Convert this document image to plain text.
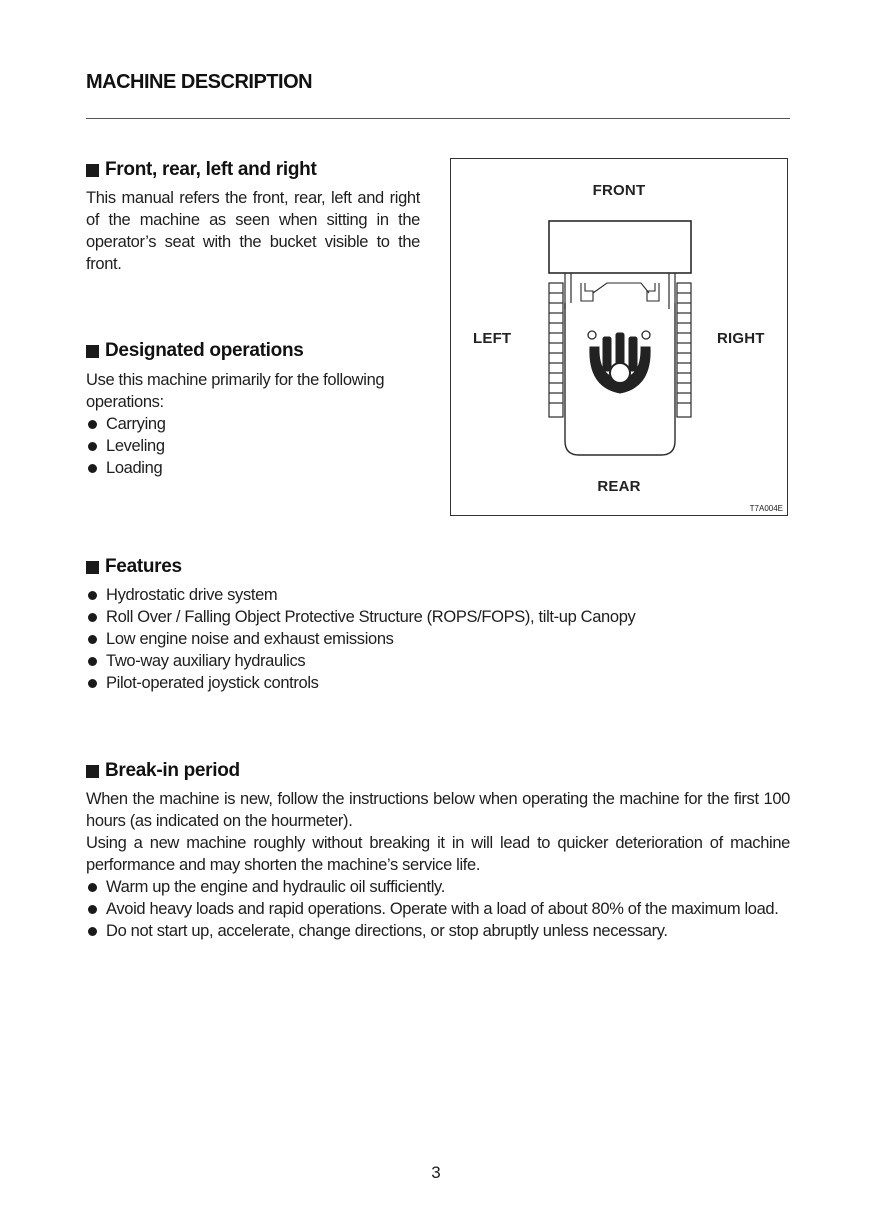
MACHINE DESCRIPTION
Front, rear, left and right

This manual refers the front, rear, left and right of the machine as seen when sitting in the operator’s seat with the bucket visible to the front.

Designated operations

Use this machine primarily for the following operations:

Carrying
Leveling
Loading
FRONT
REAR
LEFT	RIGHT
T7A004E
Features
Hydrostatic drive system
Roll Over / Falling Object Protective Structure (ROPS/FOPS), tilt-up Canopy
Low engine noise and exhaust emissions
Two-way auxiliary hydraulics
Pilot-operated joystick controls
Break-in period

When the machine is new, follow the instructions below when operating the machine for the first 100 hours (as indicated on the hourmeter).

Using a new machine roughly without breaking it in will lead to quicker deterioration of machine performance and may shorten the machine’s service life.

Warm up the engine and hydraulic oil sufficiently.
Avoid heavy loads and rapid operations. Operate with a load of about 80% of the maximum load.
Do not start up, accelerate, change directions, or stop abruptly unless necessary.
3
